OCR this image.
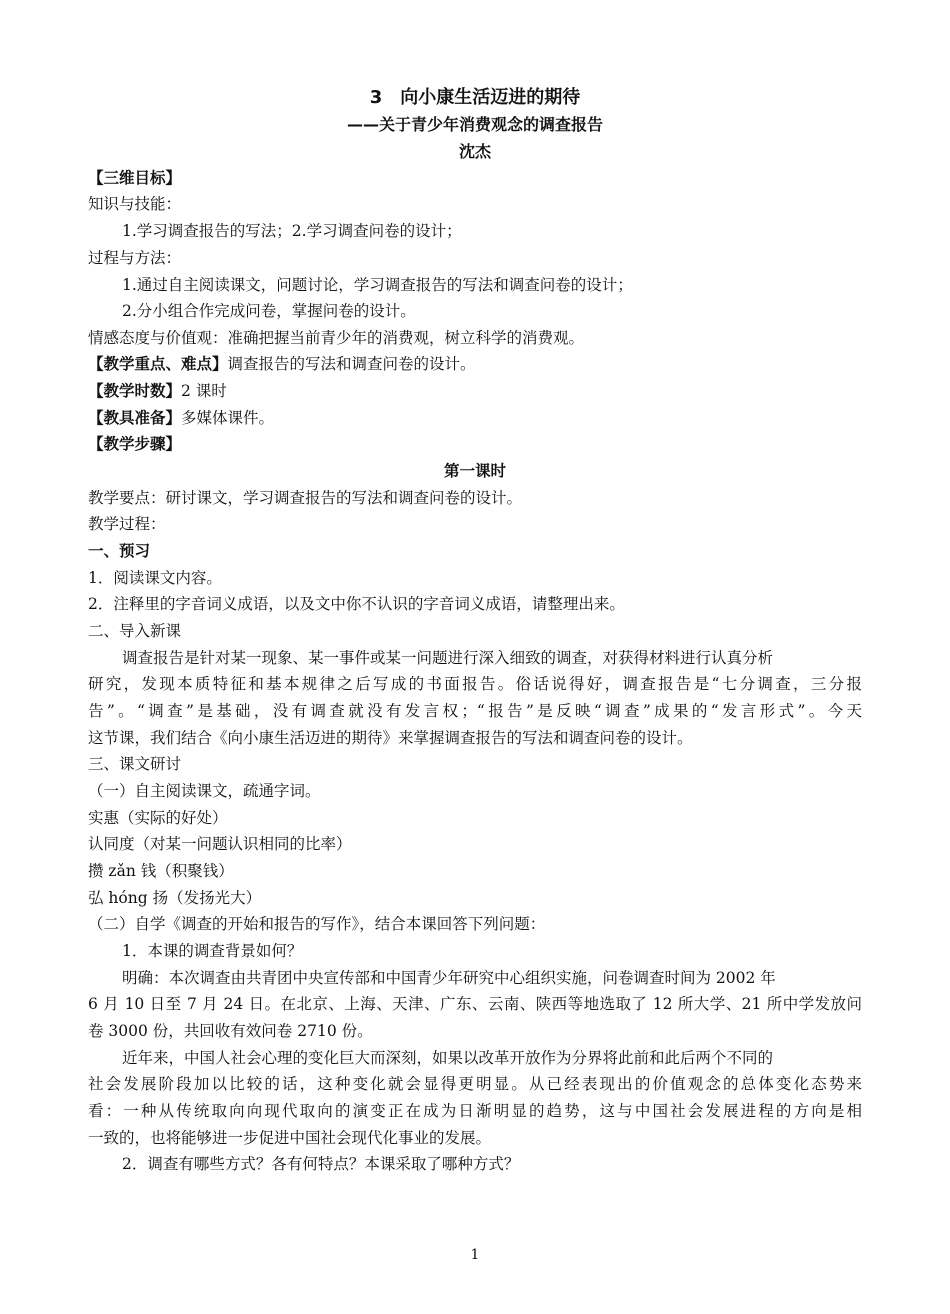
3　向小康生活迈进的期待
——关于青少年消费观念的调查报告
沈杰
【三维目标】
知识与技能：
1.学习调查报告的写法；2.学习调查问卷的设计；
过程与方法：
1.通过自主阅读课文，问题讨论，学习调查报告的写法和调查问卷的设计；
2.分小组合作完成问卷，掌握问卷的设计。
情感态度与价值观：准确把握当前青少年的消费观，树立科学的消费观。
【教学重点、难点】调查报告的写法和调查问卷的设计。
【教学时数】2 课时
【教具准备】多媒体课件。
【教学步骤】
第一课时
教学要点：研讨课文，学习调查报告的写法和调查问卷的设计。
教学过程：
一、预习
1．阅读课文内容。
2．注释里的字音词义成语，以及文中你不认识的字音词义成语，请整理出来。
二、导入新课
调查报告是针对某一现象、某一事件或某一问题进行深入细致的调查，对获得材料进行认真分析
研究，发现本质特征和基本规律之后写成的书面报告。俗话说得好，调查报告是“七分调查，三分报
告”。“调查”是基础，没有调查就没有发言权；“报告”是反映“调查”成果的“发言形式”。今天
这节课，我们结合《向小康生活迈进的期待》来掌握调查报告的写法和调查问卷的设计。
三、课文研讨
（一）自主阅读课文，疏通字词。
实惠（实际的好处）
认同度（对某一问题认识相同的比率）
攒 zǎn 钱（积聚钱）
弘 hóng 扬（发扬光大）
（二）自学《调查的开始和报告的写作》，结合本课回答下列问题：
1．本课的调查背景如何？
明确：本次调查由共青团中央宣传部和中国青少年研究中心组织实施，问卷调查时间为 2002 年
6 月 10 日至 7 月 24 日。在北京、上海、天津、广东、云南、陕西等地选取了 12 所大学、21 所中学发放问
卷 3000 份，共回收有效问卷 2710 份。
近年来，中国人社会心理的变化巨大而深刻，如果以改革开放作为分界将此前和此后两个不同的
社会发展阶段加以比较的话，这种变化就会显得更明显。从已经表现出的价值观念的总体变化态势来
看：一种从传统取向向现代取向的演变正在成为日渐明显的趋势，这与中国社会发展进程的方向是相
一致的，也将能够进一步促进中国社会现代化事业的发展。
2．调查有哪些方式？各有何特点？本课采取了哪种方式？
1
